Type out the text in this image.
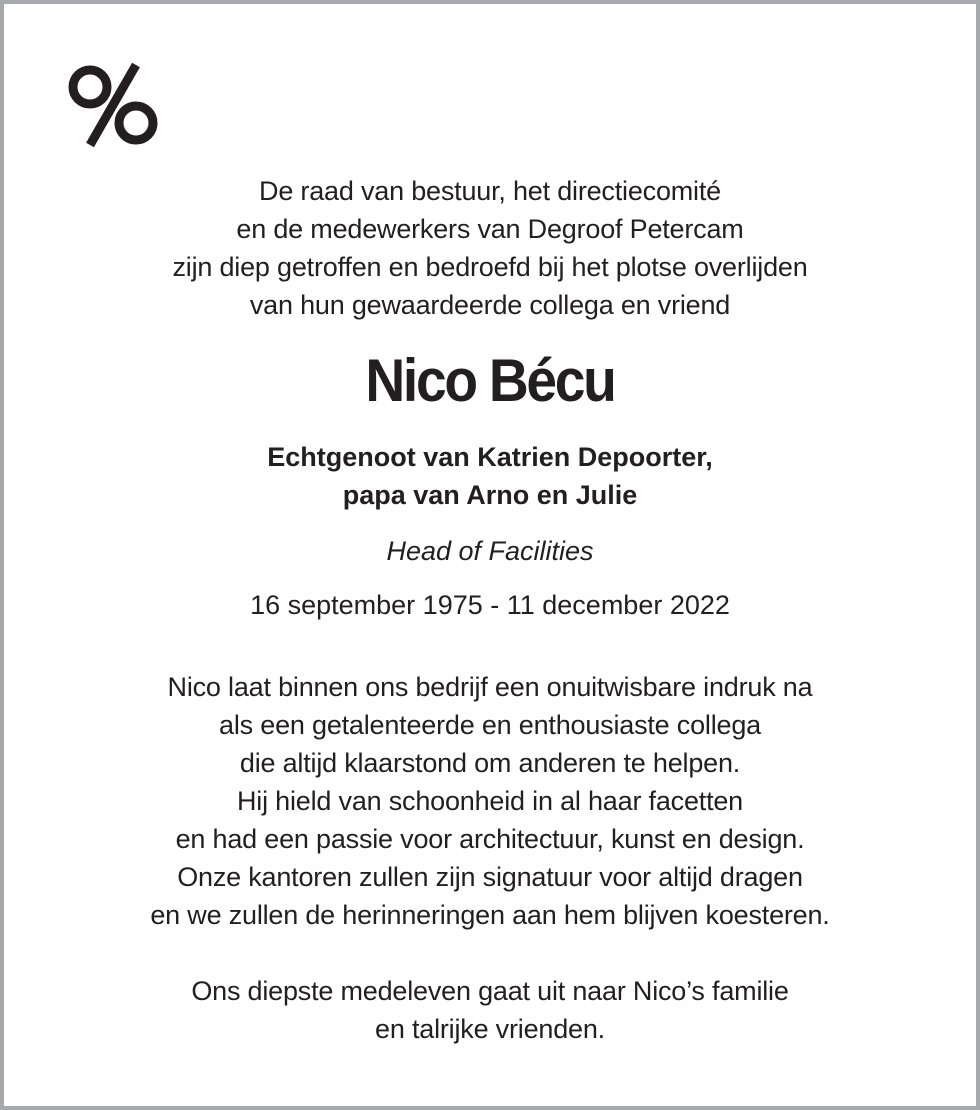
De raad van bestuur, het directiecomité
en de medewerkers van Degroof Petercam
zijn diep getroffen en bedroefd bij het plotse overlijden
van hun gewaardeerde collega en vriend
Nico Bécu
Echtgenoot van Katrien Depoorter,
papa van Arno en Julie
Head of Facilities
16 september 1975 - 11 december 2022
Nico laat binnen ons bedrijf een onuitwisbare indruk na
als een getalenteerde en enthousiaste collega
die altijd klaarstond om anderen te helpen.
Hij hield van schoonheid in al haar facetten
en had een passie voor architectuur, kunst en design.
Onze kantoren zullen zijn signatuur voor altijd dragen
en we zullen de herinneringen aan hem blijven koesteren.
Ons diepste medeleven gaat uit naar Nico’s familie
en talrijke vrienden.
